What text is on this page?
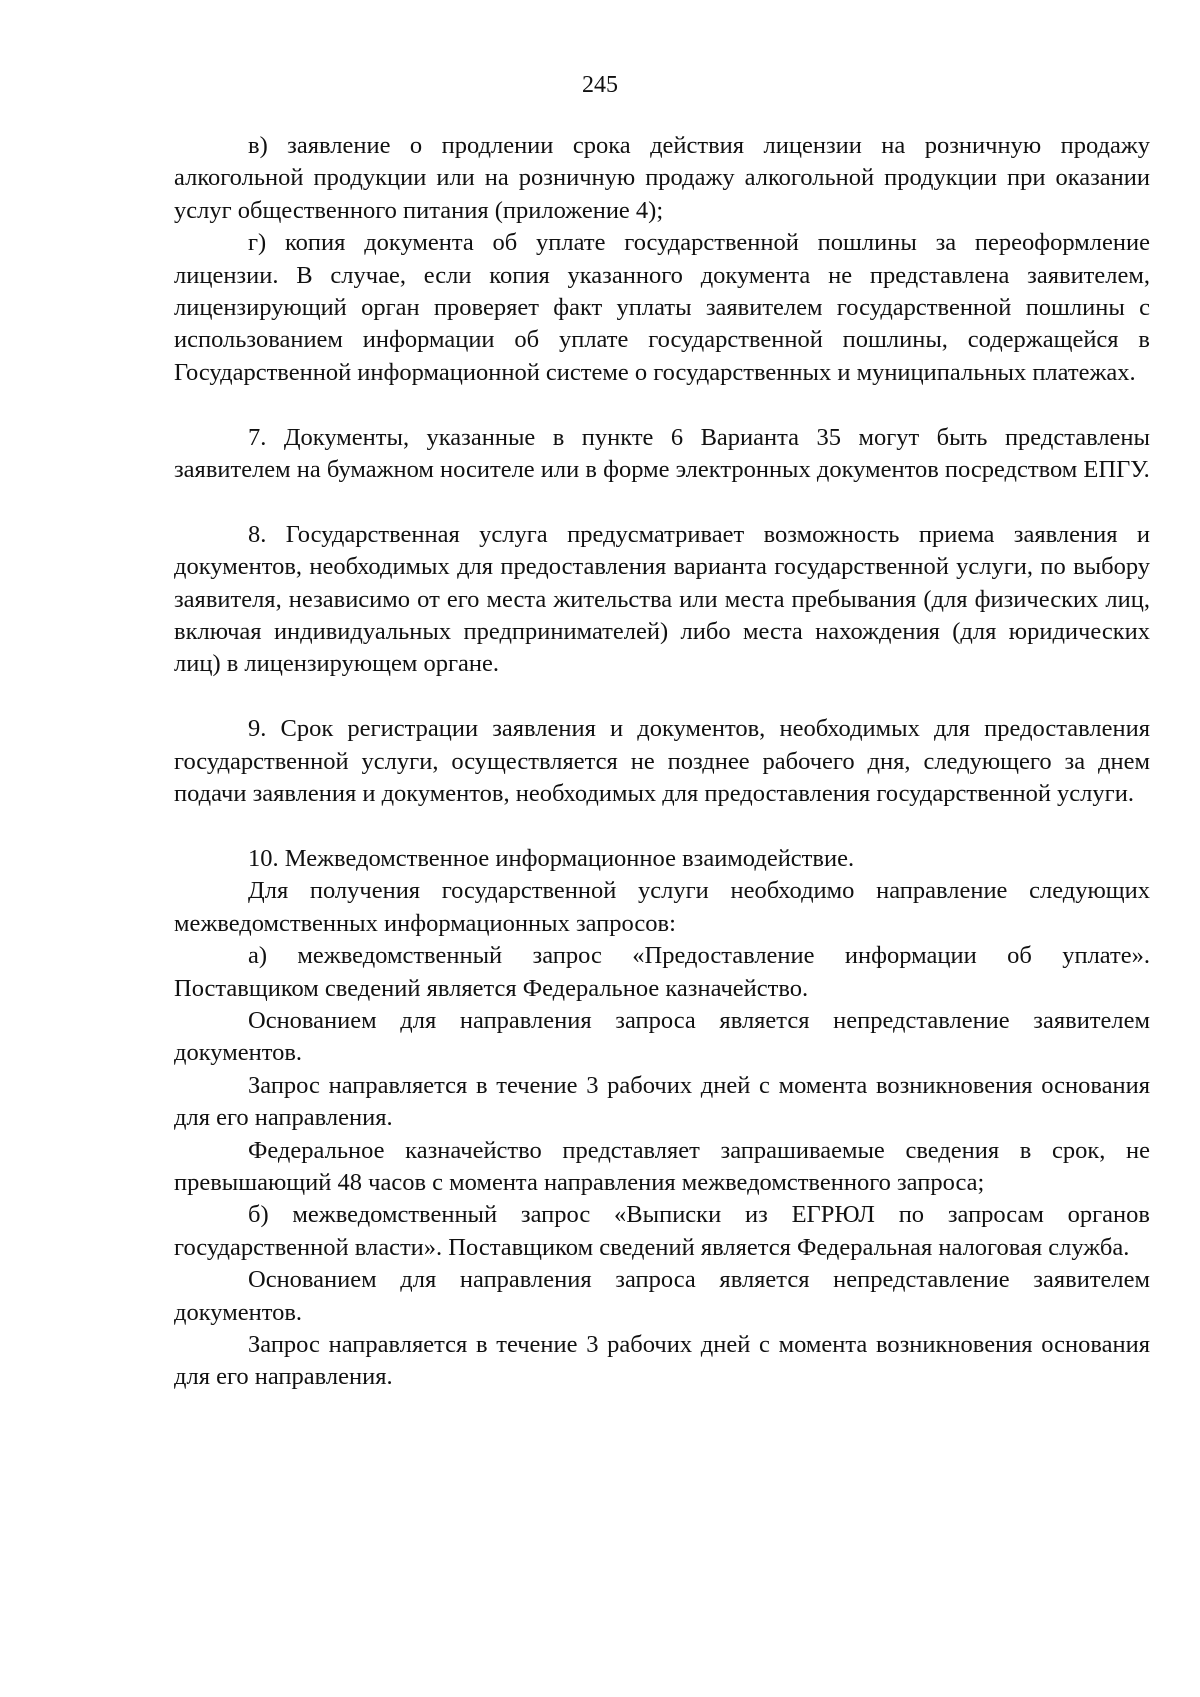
245

в) заявление о продлении срока действия лицензии на розничную продажу алкогольной продукции или на розничную продажу алкогольной продукции при оказании услуг общественного питания (приложение 4);

г) копия документа об уплате государственной пошлины за переоформление лицензии. В случае, если копия указанного документа не представлена заявителем, лицензирующий орган проверяет факт уплаты заявителем государственной пошлины с использованием информации об уплате государственной пошлины, содержащейся в Государственной информационной системе о государственных и муниципальных платежах.

7. Документы, указанные в пункте 6 Варианта 35 могут быть представлены заявителем на бумажном носителе или в форме электронных документов посредством ЕПГУ.

8. Государственная услуга предусматривает возможность приема заявления и документов, необходимых для предоставления варианта государственной услуги, по выбору заявителя, независимо от его места жительства или места пребывания (для физических лиц, включая индивидуальных предпринимателей) либо места нахождения (для юридических лиц) в лицензирующем органе.

9. Срок регистрации заявления и документов, необходимых для предоставления государственной услуги, осуществляется не позднее рабочего дня, следующего за днем подачи заявления и документов, необходимых для предоставления государственной услуги.

10. Межведомственное информационное взаимодействие.

Для получения государственной услуги необходимо направление следующих межведомственных информационных запросов:

а) межведомственный запрос «Предоставление информации об уплате». Поставщиком сведений является Федеральное казначейство.

Основанием для направления запроса является непредставление заявителем документов.

Запрос направляется в течение 3 рабочих дней с момента возникновения основания для его направления.

Федеральное казначейство представляет запрашиваемые сведения в срок, не превышающий 48 часов с момента направления межведомственного запроса;

б) межведомственный запрос «Выписки из ЕГРЮЛ по запросам органов государственной власти». Поставщиком сведений является Федеральная налоговая служба.

Основанием для направления запроса является непредставление заявителем документов.

Запрос направляется в течение 3 рабочих дней с момента возникновения основания для его направления.
